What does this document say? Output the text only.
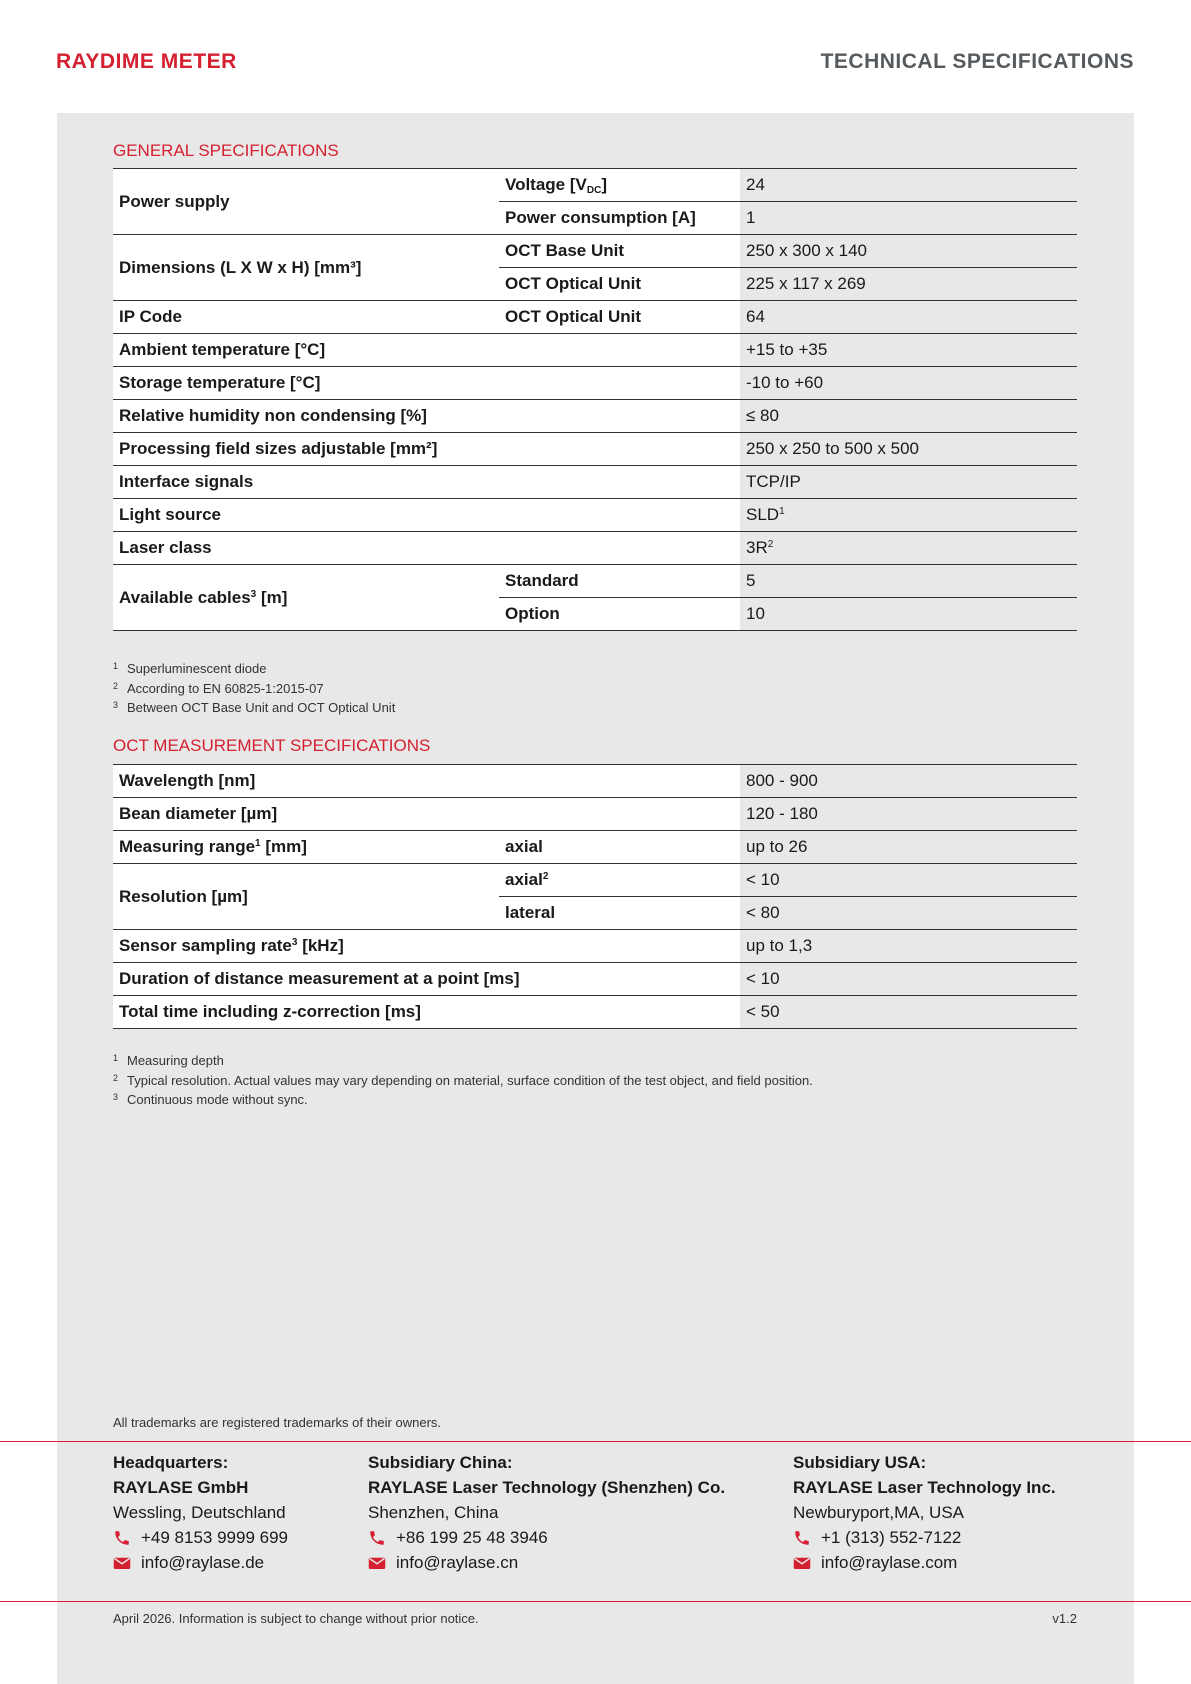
RAYDIME METER	TECHNICAL SPECIFICATIONS
GENERAL SPECIFICATIONS
Power supply	Voltage $[V_{DC}]$	24
	Power consumption [A]	1
Dimensions (L X W x H) [mm³]	OCT Base Unit	250 x 300 x 140
	OCT Optical Unit	225 x 117 x 269
IP Code	OCT Optical Unit	64
Ambient temperature [°C]		+15 to +35
Storage temperature [°C]		-10 to +60
Relative humidity non condensing [%]		≤ 80
Processing field sizes adjustable [mm²]		250 x 250 to 500 x 500
Interface signals		TCP/IP
Light source		SLD$^1$
Laser class		$3R^2$
Available cables$^3$ [m]	Standard	5
	Option	10
1 Superluminescent diode
2 According to EN 60825-1:2015-07
3 Between OCT Base Unit and OCT Optical Unit
OCT MEASUREMENT SPECIFICATIONS
Wavelength [nm]		800 - 900
Bean diameter [µm]		120 - 180
Measuring range$^1$ [mm]	axial	up to 26
Resolution [µm]	axial$^2$	< 10
	lateral	< 80
Sensor sampling rate$^3$ [kHz]		up to 1,3
Duration of distance measurement at a point [ms]		< 10
Total time including z-correction [ms]		< 50
1 Measuring depth
2 Typical resolution. Actual values may vary depending on material, surface condition of the test object, and field position.
3 Continuous mode without sync.
All trademarks are registered trademarks of their owners.
Headquarters:
RAYLASE GmbH
Wessling, Deutschland
+49 8153 9999 699
info@raylase.de
Subsidiary China:
RAYLASE Laser Technology (Shenzhen) Co.
Shenzhen, China
+86 199 25 48 3946
info@raylase.cn
Subsidiary USA:
RAYLASE Laser Technology Inc.
Newburyport,MA, USA
+1 (313) 552-7122
info@raylase.com
April 2026. Information is subject to change without prior notice.	v1.2
